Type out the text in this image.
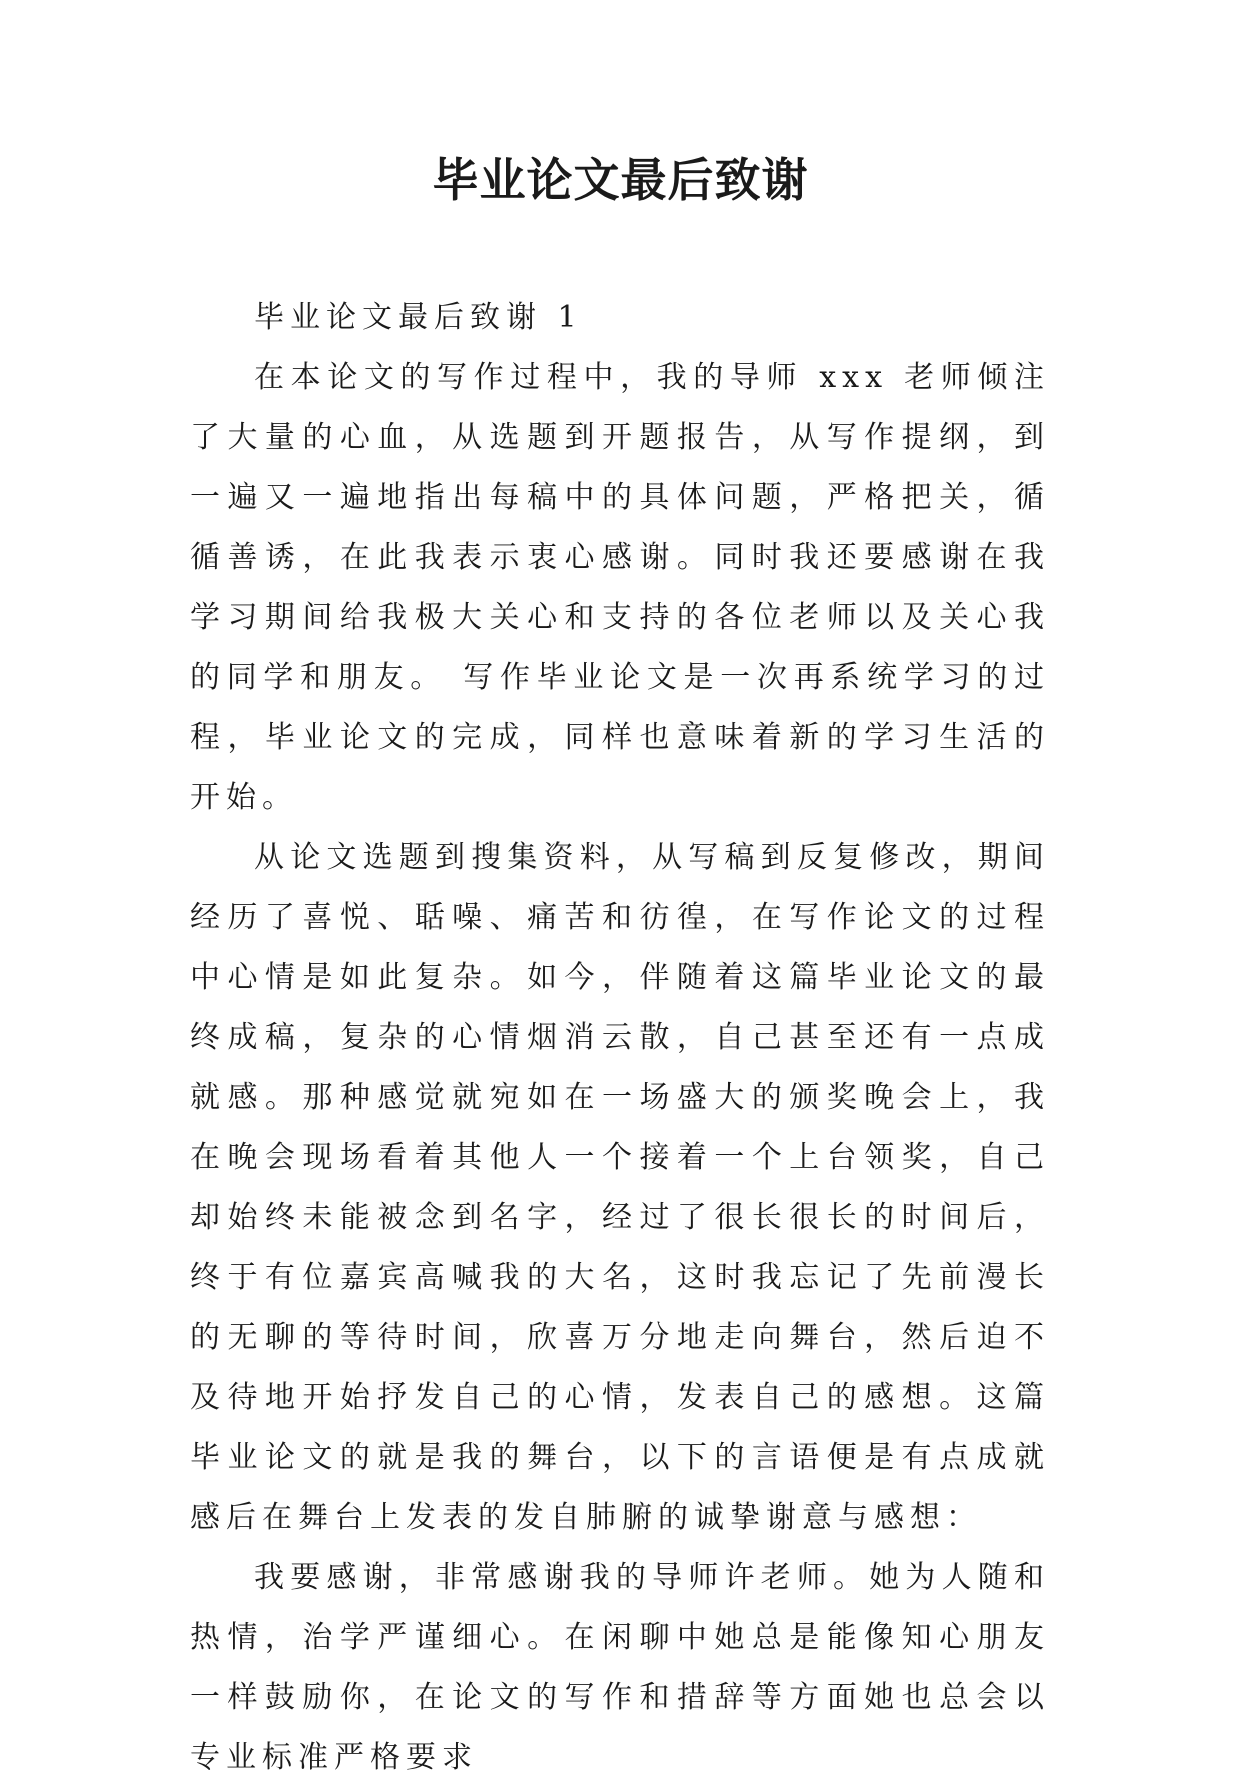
毕业论文最后致谢

毕业论文最后致谢 1

在本论文的写作过程中，我的导师 xxx 老师倾注了大量的心血，从选题到开题报告，从写作提纲，到一遍又一遍地指出每稿中的具体问题，严格把关，循循善诱，在此我表示衷心感谢。同时我还要感谢在我学习期间给我极大关心和支持的各位老师以及关心我的同学和朋友。 写作毕业论文是一次再系统学习的过程，毕业论文的完成，同样也意味着新的学习生活的开始。

从论文选题到搜集资料，从写稿到反复修改，期间经历了喜悦、聒噪、痛苦和彷徨，在写作论文的过程中心情是如此复杂。如今，伴随着这篇毕业论文的最终成稿，复杂的心情烟消云散，自己甚至还有一点成就感。那种感觉就宛如在一场盛大的颁奖晚会上，我在晚会现场看着其他人一个接着一个上台领奖，自己却始终未能被念到名字，经过了很长很长的时间后，终于有位嘉宾高喊我的大名，这时我忘记了先前漫长的无聊的等待时间，欣喜万分地走向舞台，然后迫不及待地开始抒发自己的心情，发表自己的感想。这篇毕业论文的就是我的舞台，以下的言语便是有点成就感后在舞台上发表的发自肺腑的诚挚谢意与感想：

我要感谢，非常感谢我的导师许老师。她为人随和热情，治学严谨细心。在闲聊中她总是能像知心朋友一样鼓励你，在论文的写作和措辞等方面她也总会以专业标准严格要求
